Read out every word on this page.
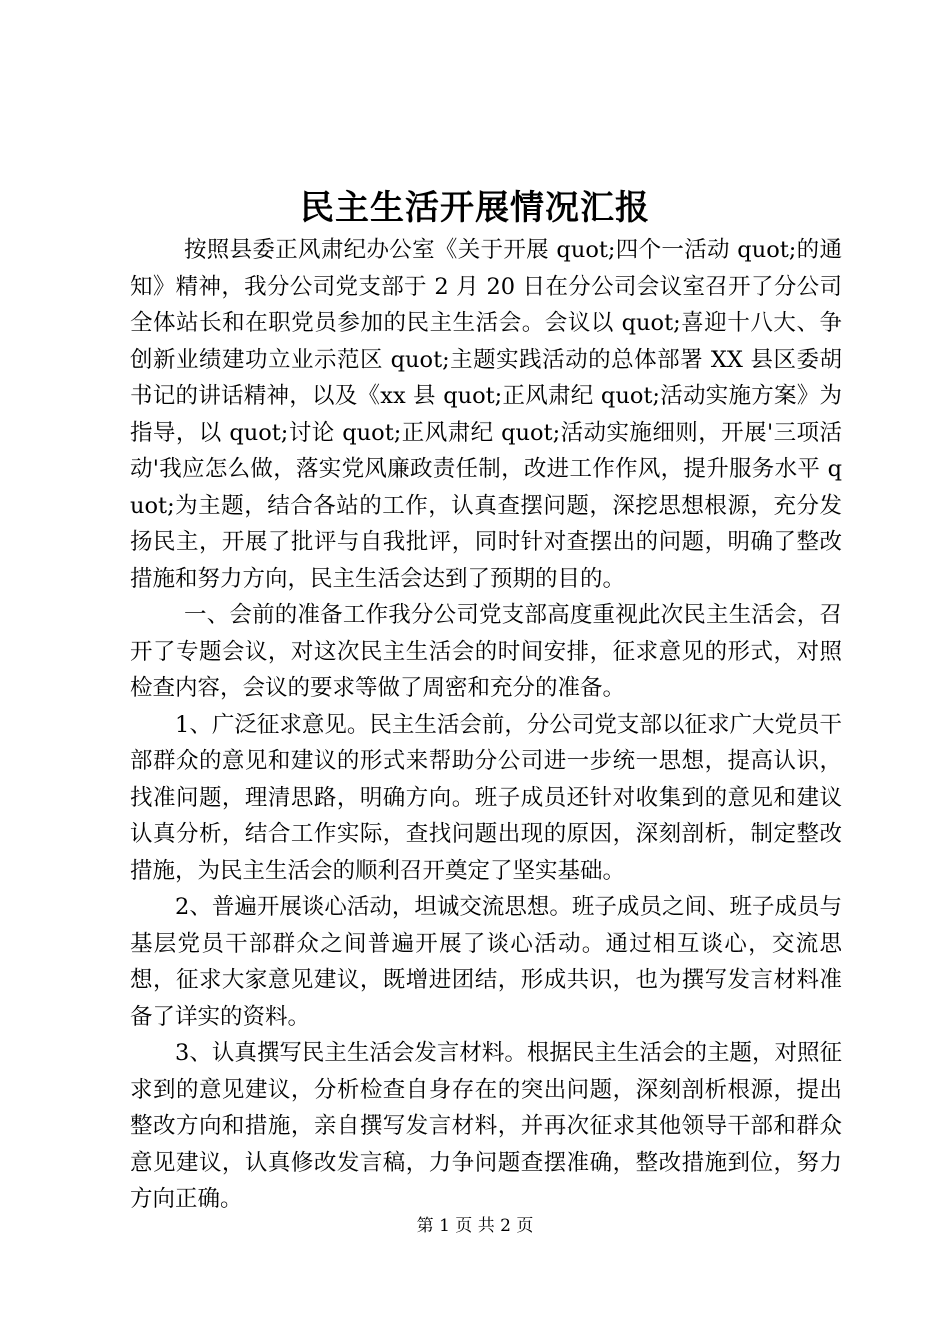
民主生活开展情况汇报

按照县委正风肃纪办公室《关于开展 quot;四个一活动 quot;的通知》精神，我分公司党支部于 2 月 20 日在分公司会议室召开了分公司全体站长和在职党员参加的民主生活会。会议以 quot;喜迎十八大、争创新业绩建功立业示范区 quot;主题实践活动的总体部署 XX 县区委胡书记的讲话精神，以及《xx 县 quot;正风肃纪 quot;活动实施方案》为指导，以 quot;讨论 quot;正风肃纪 quot;活动实施细则，开展'三项活动'我应怎么做，落实党风廉政责任制，改进工作作风，提升服务水平 quot;为主题，结合各站的工作，认真查摆问题，深挖思想根源，充分发扬民主，开展了批评与自我批评，同时针对查摆出的问题，明确了整改措施和努力方向，民主生活会达到了预期的目的。

一、会前的准备工作我分公司党支部高度重视此次民主生活会，召开了专题会议，对这次民主生活会的时间安排，征求意见的形式，对照检查内容，会议的要求等做了周密和充分的准备。

1、广泛征求意见。民主生活会前，分公司党支部以征求广大党员干部群众的意见和建议的形式来帮助分公司进一步统一思想，提高认识，找准问题，理清思路，明确方向。班子成员还针对收集到的意见和建议认真分析，结合工作实际，查找问题出现的原因，深刻剖析，制定整改措施，为民主生活会的顺利召开奠定了坚实基础。

2、普遍开展谈心活动，坦诚交流思想。班子成员之间、班子成员与基层党员干部群众之间普遍开展了谈心活动。通过相互谈心，交流思想，征求大家意见建议，既增进团结，形成共识，也为撰写发言材料准备了详实的资料。

3、认真撰写民主生活会发言材料。根据民主生活会的主题，对照征求到的意见建议，分析检查自身存在的突出问题，深刻剖析根源，提出整改方向和措施，亲自撰写发言材料，并再次征求其他领导干部和群众意见建议，认真修改发言稿，力争问题查摆准确，整改措施到位，努力方向正确。

第 1 页 共 2 页
